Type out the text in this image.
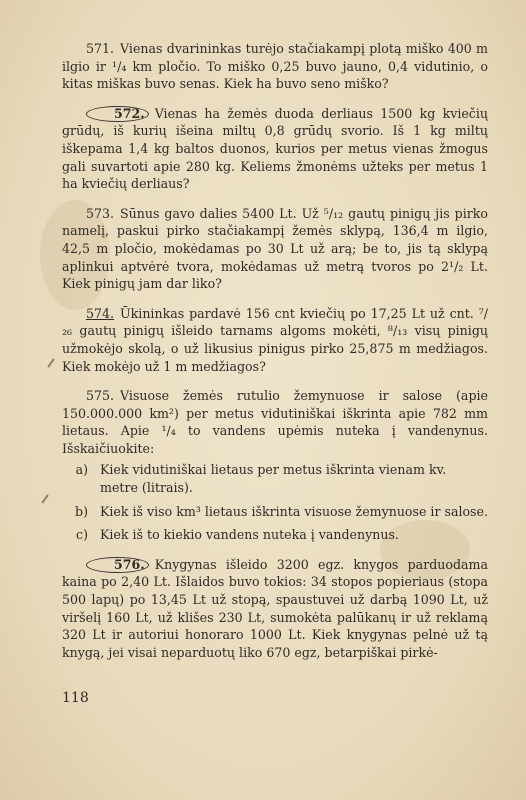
571. Vienas dvarininkas turėjo stačiakampį plotą miško 400 m ilgio ir ¹/₄ km pločio. To miško 0,25 buvo jauno, 0,4 vidutinio, o kitas miškas buvo senas. Kiek ha buvo seno miško?

572. Vienas ha žemės duoda derliaus 1500 kg kviečių grūdų, iš kurių išeina miltų 0,8 grūdų svorio. Iš 1 kg miltų iškepama 1,4 kg baltos duonos, kurios per metus vienas žmogus gali suvartoti apie 280 kg. Keliems žmonėms užteks per metus 1 ha kviečių derliaus?

573. Sūnus gavo dalies 5400 Lt. Už ⁵/₁₂ gautų pinigų jis pirko namelį, paskui pirko stačiakampį žemės sklypą, 136,4 m ilgio, 42,5 m pločio, mokėdamas po 30 Lt už arą; be to, jis tą sklypą aplinkui aptvėrė tvora, mokėdamas už metrą tvoros po 2¹/₂ Lt. Kiek pinigų jam dar liko?

574. Ūkininkas pardavė 156 cnt kviečių po 17,25 Lt už cnt. ⁷/₂₆ gautų pinigų išleido tarnams algoms mokėti, ⁸/₁₃ visų pinigų užmokėjo skolą, o už likusius pinigus pirko 25,875 m medžiagos. Kiek mokėjo už 1 m medžiagos?

575. Visuose žemės rutulio žemynuose ir salose (apie 150.000.000 km²) per metus vidutiniškai iškrinta apie 782 mm lietaus. Apie ¹/₄ to vandens upėmis nuteka į vandenynus. Išskaičiuokite:

a) Kiek vidutiniškai lietaus per metus iškrinta vienam kv. metre (litrais).
b) Kiek iš viso km³ lietaus iškrinta visuose žemynuose ir salose.
c) Kiek iš to kiekio vandens nuteka į vandenynus.

576. Knygynas išleido 3200 egz. knygos parduodama kaina po 2,40 Lt. Išlaidos buvo tokios: 34 stopos popieriaus (stopa 500 lapų) po 13,45 Lt už stopą, spaustuvei už darbą 1090 Lt, už viršelį 160 Lt, už klišes 230 Lt, sumokėta palūkanų ir už reklamą 320 Lt ir autoriui honoraro 1000 Lt. Kiek knygynas pelnė už tą knygą, jei visai neparduotų liko 670 egz, betarpiškai pirkė-

118
